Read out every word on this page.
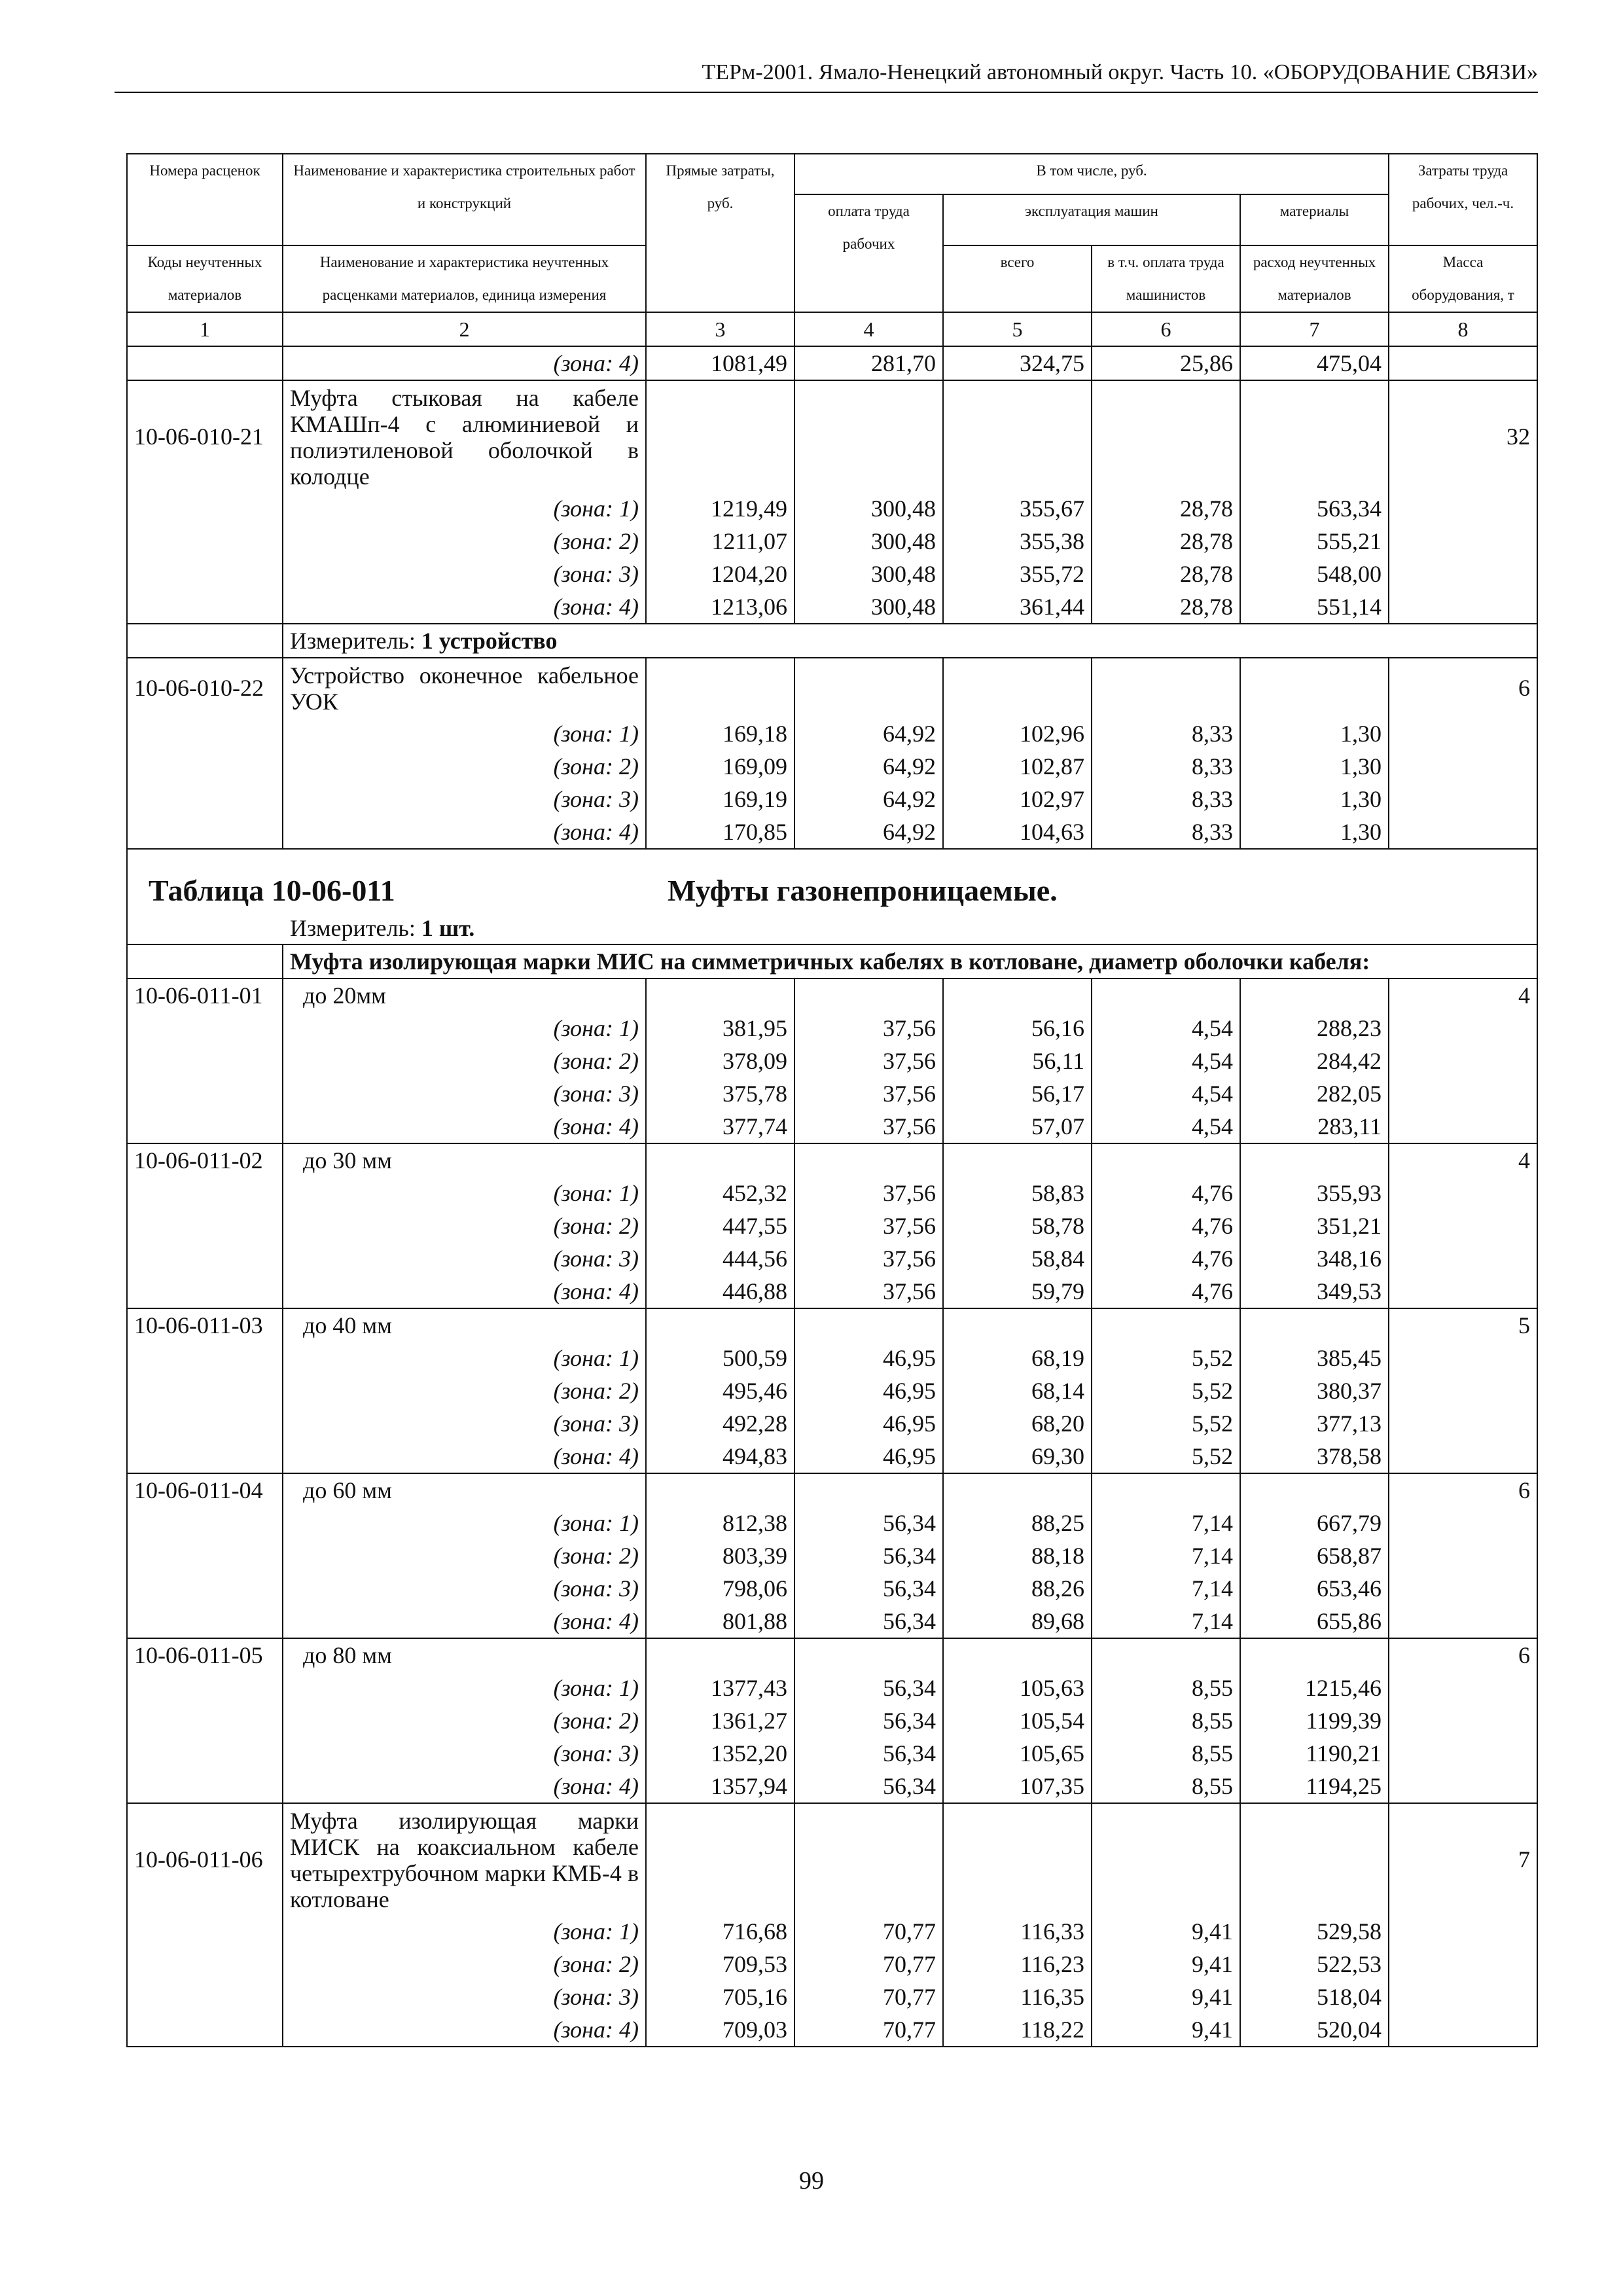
ТЕРм-2001. Ямало-Ненецкий автономный округ. Часть 10. «ОБОРУДОВАНИЕ СВЯЗИ»
Номера расценок	Наименование и характеристика строительных работ и конструкций	Прямые затраты, руб.	В том числе, руб.				Затраты труда рабочих, чел.-ч.
			оплата труда рабочих	эксплуатация машин		материалы	
Коды неучтенных материалов	Наименование и характеристика неучтенных расценками материалов, единица измерения			всего	в т.ч. оплата труда машинистов	расход неучтенных материалов	Масса оборудования, т
1	2	3	4	5	6	7	8
	(зона: 4)	1081,49	281,70	324,75	25,86	475,04	
10-06-010-21	Муфта стыковая на кабеле КМАШп-4 с алюминиевой и полиэтиленовой оболочкой в колодце						32
	(зона: 1)	1219,49	300,48	355,67	28,78	563,34	
	(зона: 2)	1211,07	300,48	355,38	28,78	555,21	
	(зона: 3)	1204,20	300,48	355,72	28,78	548,00	
	(зона: 4)	1213,06	300,48	361,44	28,78	551,14	
	Измеритель: 1 устройство						
10-06-010-22	Устройство оконечное кабельное УОК						6
	(зона: 1)	169,18	64,92	102,96	8,33	1,30	
	(зона: 2)	169,09	64,92	102,87	8,33	1,30	
	(зона: 3)	169,19	64,92	102,97	8,33	1,30	
	(зона: 4)	170,85	64,92	104,63	8,33	1,30	

Таблица 10-06-011 Муфты газонепроницаемые.
Измеритель: 1 шт.							

	Муфта изолирующая марки МИС на симметричных кабелях в котловане, диаметр оболочки кабеля:						
10-06-011-01	до 20мм						4
	(зона: 1)	381,95	37,56	56,16	4,54	288,23	
	(зона: 2)	378,09	37,56	56,11	4,54	284,42	
	(зона: 3)	375,78	37,56	56,17	4,54	282,05	
	(зона: 4)	377,74	37,56	57,07	4,54	283,11	
10-06-011-02	до 30 мм						4
	(зона: 1)	452,32	37,56	58,83	4,76	355,93	
	(зона: 2)	447,55	37,56	58,78	4,76	351,21	
	(зона: 3)	444,56	37,56	58,84	4,76	348,16	
	(зона: 4)	446,88	37,56	59,79	4,76	349,53	
10-06-011-03	до 40 мм						5
	(зона: 1)	500,59	46,95	68,19	5,52	385,45	
	(зона: 2)	495,46	46,95	68,14	5,52	380,37	
	(зона: 3)	492,28	46,95	68,20	5,52	377,13	
	(зона: 4)	494,83	46,95	69,30	5,52	378,58	
10-06-011-04	до 60 мм						6
	(зона: 1)	812,38	56,34	88,25	7,14	667,79	
	(зона: 2)	803,39	56,34	88,18	7,14	658,87	
	(зона: 3)	798,06	56,34	88,26	7,14	653,46	
	(зона: 4)	801,88	56,34	89,68	7,14	655,86	
10-06-011-05	до 80 мм						6
	(зона: 1)	1377,43	56,34	105,63	8,55	1215,46	
	(зона: 2)	1361,27	56,34	105,54	8,55	1199,39	
	(зона: 3)	1352,20	56,34	105,65	8,55	1190,21	
	(зона: 4)	1357,94	56,34	107,35	8,55	1194,25	
10-06-011-06	Муфта изолирующая марки МИСК на коаксиальном кабеле четырехтрубочном марки КМБ-4 в котловане						7
	(зона: 1)	716,68	70,77	116,33	9,41	529,58	
	(зона: 2)	709,53	70,77	116,23	9,41	522,53	
	(зона: 3)	705,16	70,77	116,35	9,41	518,04	
	(зона: 4)	709,03	70,77	118,22	9,41	520,04	
99
